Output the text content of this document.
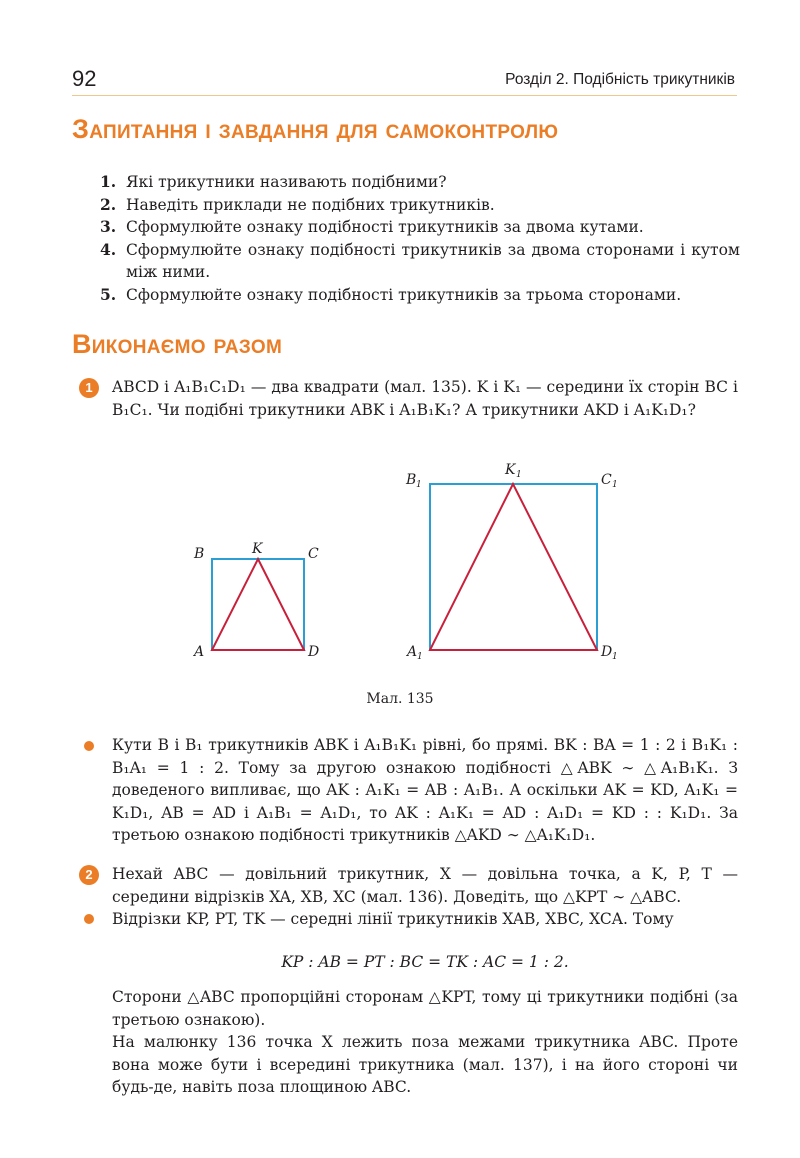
92	Розділ 2. Подібність трикутників
Запитання і завдання для самоконтролю
1. Які трикутники називають подібними?
2. Наведіть приклади не подібних трикутників.
3. Сформулюйте ознаку подібності трикутників за двома кутами.
4. Сформулюйте ознаку подібності трикутників за двома сторонами і кутом між ними.
5. Сформулюйте ознаку подібності трикутників за трьома сторонами.
Виконаємо разом
1	ABCD і A₁B₁C₁D₁ — два квадрати (мал. 135). K і K₁ — середини їх сторін BC і B₁C₁. Чи подібні трикутники ABK і A₁B₁K₁? А трикутники AKD і A₁K₁D₁?
B	K	C
A	D
B 1
K 1	C 1
A 1	D 1
Мал. 135
Кути B і B₁ трикутників ABK і A₁B₁K₁ рівні, бо прямі. BK : BA = 1 : 2 і B₁K₁ : B₁A₁ = 1 : 2. Тому за другою ознакою подібності △ABK ∼ △A₁B₁K₁. З доведеного випливає, що AK : A₁K₁ = AB : A₁B₁. А оскільки AK = KD, A₁K₁ = K₁D₁, AB = AD і A₁B₁ = A₁D₁, то AK : A₁K₁ = AD : A₁D₁ = KD : : K₁D₁. За третьою ознакою подібності трикутників △AKD ∼ △A₁K₁D₁.
2	Нехай ABC — довільний трикутник, X — довільна точка, а K, P, T — середини відрізків XA, XB, XC (мал. 136). Доведіть, що △KPT ∼ △ABC.
Відрізки KP, PT, TK — середні лінії трикутників XAB, XBC, XCA. Тому
KP : AB = PT : BC = TK : AC = 1 : 2.
Сторони △ABC пропорційні сторонам △KPT, тому ці трикутники подібні (за третьою ознакою).
На малюнку 136 точка X лежить поза межами трикутника ABC. Проте вона може бути і всередині трикутника (мал. 137), і на його стороні чи будь-де, навіть поза площиною ABC.
